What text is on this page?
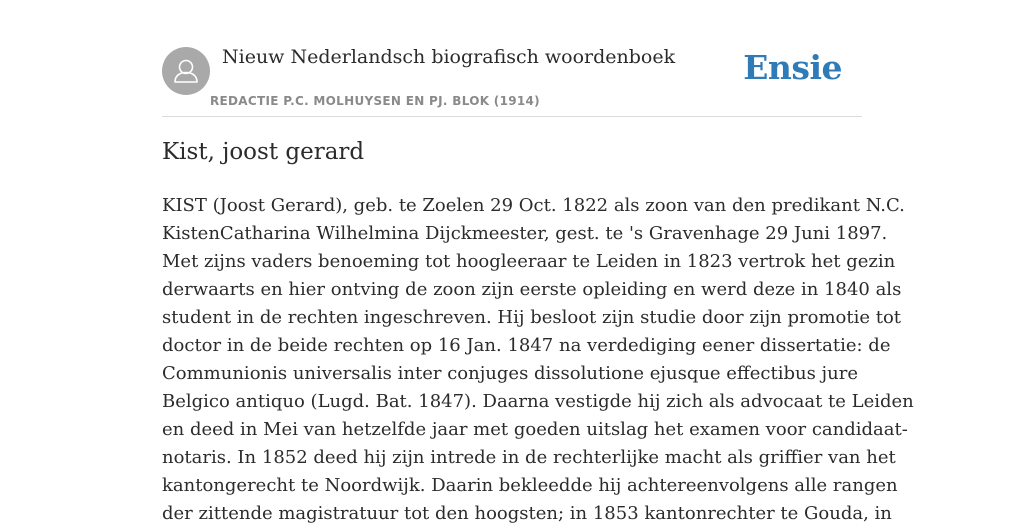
Nieuw Nederlandsch biografisch woordenboek
REDACTIE P.C. MOLHUYSEN EN PJ. BLOK (1914)
Ensie
Kist, joost gerard
KIST (Joost Gerard), geb. te Zoelen 29 Oct. 1822 als zoon van den predikant N.C.
KistenCatharina Wilhelmina Dijckmeester, gest. te 's Gravenhage 29 Juni 1897.
Met zijns vaders benoeming tot hoogleeraar te Leiden in 1823 vertrok het gezin
derwaarts en hier ontving de zoon zijn eerste opleiding en werd deze in 1840 als
student in de rechten ingeschreven. Hij besloot zijn studie door zijn promotie tot
doctor in de beide rechten op 16 Jan. 1847 na verdediging eener dissertatie: de
Communionis universalis inter conjuges dissolutione ejusque effectibus jure
Belgico antiquo (Lugd. Bat. 1847). Daarna vestigde hij zich als advocaat te Leiden
en deed in Mei van hetzelfde jaar met goeden uitslag het examen voor candidaat-
notaris. In 1852 deed hij zijn intrede in de rechterlijke macht als griffier van het
kantongerecht te Noordwijk. Daarin bekleedde hij achtereenvolgens alle rangen
der zittende magistratuur tot den hoogsten; in 1853 kantonrechter te Gouda, in
